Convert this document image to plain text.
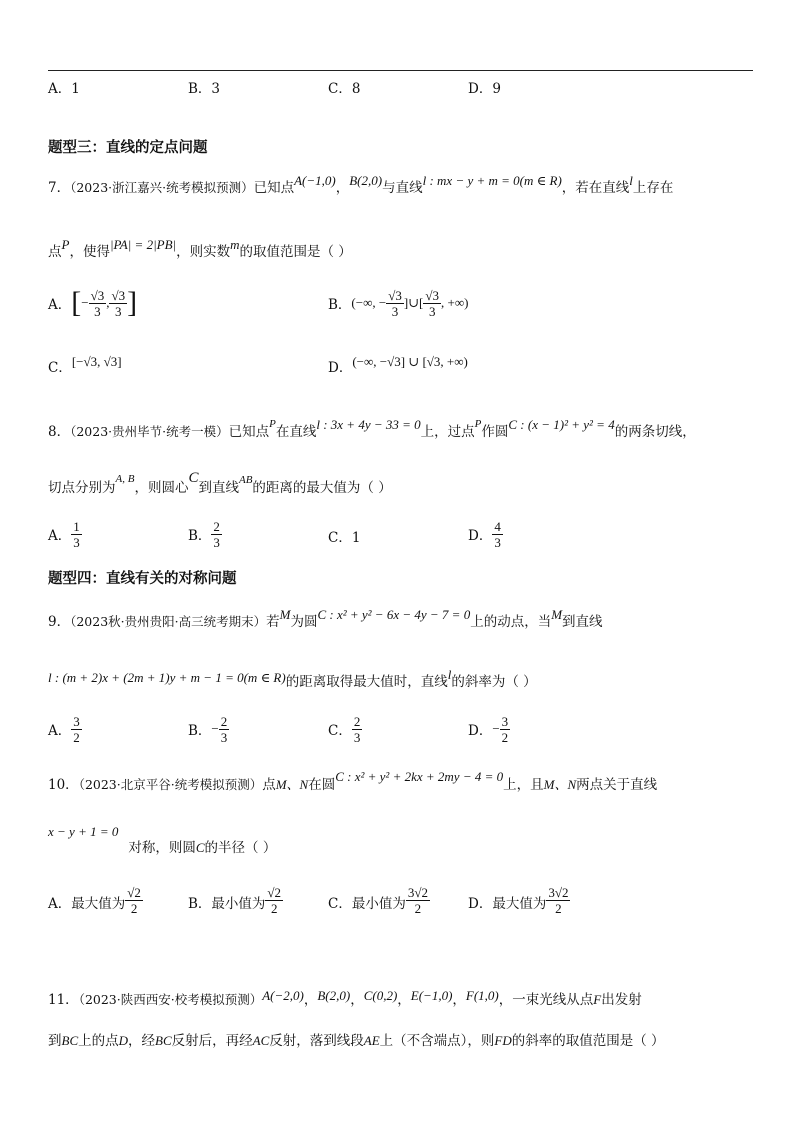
A．1	B．3	C．8	D．9
题型三：直线的定点问题
7．（2023·浙江嘉兴·统考模拟预测）已知点A(−1,0)，B(2,0)与直线l : mx − y + m = 0(m ∈ R)，若在直线l上存在
点P，使得|PA| = 2|PB|，则实数m的取值范围是（ ）
A． [ − $\frac{√3}{3}$ , $\frac{√3}{3}$ ]	B． (−∞, − $\frac{√3}{3}$ ]∪[ $\frac{√3}{3}$ , +∞)
C．[−√3, √3]	D．(−∞, −√3] ∪ [√3, +∞)
8．（2023·贵州毕节·统考一模）已知点$^P$在直线l : 3x + 4y − 33 = 0上，过点$^P$作圆C : (x − 1)² + y² = 4的两条切线，
切点分别为$^{A, B}$，则圆心C到直线$^{AB}$的距离的最大值为（ ）
A． $\frac{1}{3}$	B． $\frac{2}{3}$	C．1	D． $\frac{4}{3}$
题型四：直线有关的对称问题
9．（2023秋·贵州贵阳·高三统考期末）若M为圆C : x² + y² − 6x − 4y − 7 = 0上的动点，当M到直线
l : (m + 2)x + (2m + 1)y + m − 1 = 0(m ∈ R)的距离取得最大值时，直线l的斜率为（ ）
A． $\frac{3}{2}$	B． − $\frac{2}{3}$	C． $\frac{2}{3}$	D． − $\frac{3}{2}$
10．（2023·北京平谷·统考模拟预测）点M、N在圆C : x² + y² + 2kx + 2my − 4 = 0上，且M、N两点关于直线
x − y + 1 = 0对称，则圆C的半径（ ）
A．最大值为 $\frac{√2}{2}$	B．最小值为 $\frac{√2}{2}$	C．最小值为 $\frac{3√2}{2}$	D．最大值为 $\frac{3√2}{2}$
11．（2023·陕西西安·校考模拟预测）A(−2,0)，B(2,0)，C(0,2)，E(−1,0)，F(1,0)，一束光线从点F出发射
到BC上的点D，经BC反射后，再经AC反射，落到线段AE上（不含端点），则FD的斜率的取值范围是（ ）
